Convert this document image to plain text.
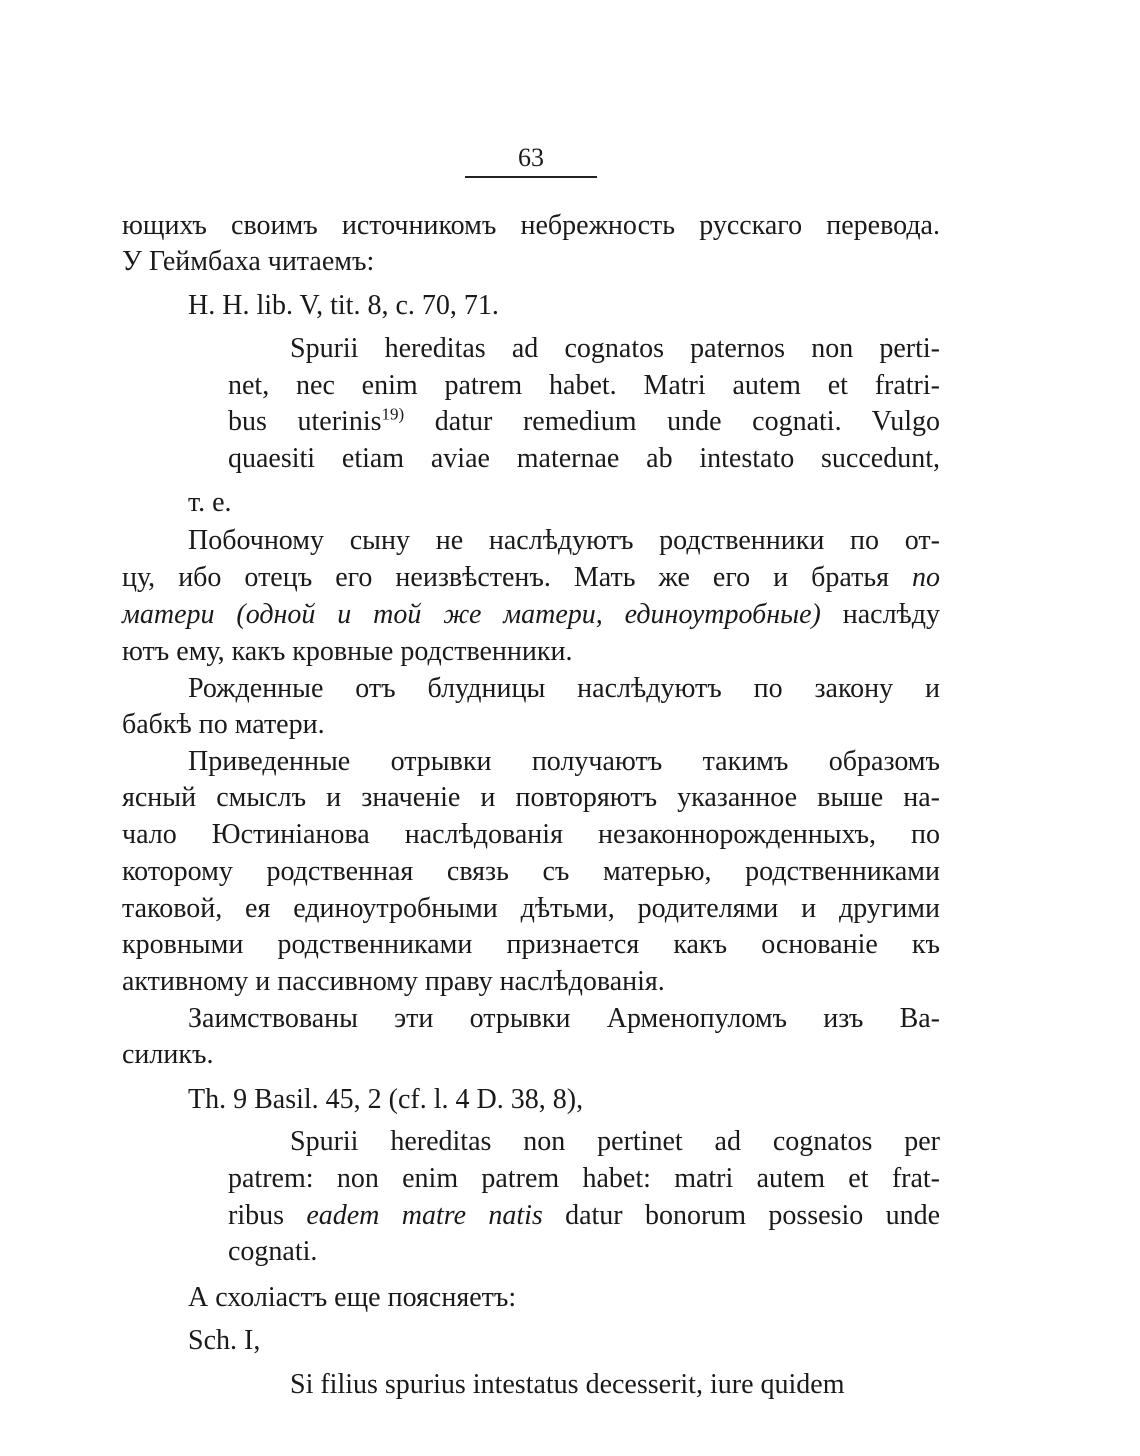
63
ющихъ своимъ источникомъ небрежность русскаго перевода.
У Геймбаха читаемъ:
H. H. lib. V, tit. 8, c. 70, 71.
Spurii hereditas ad cognatos paternos non perti-
net, nec enim patrem habet. Matri autem et fratri-
bus uterinis$^{19)}$ datur remedium unde cognati. Vulgo
quaesiti etiam aviae maternae ab intestato succedunt,
т. е.
Побочному сыну не наслѣдуютъ родственники по от-
цу, ибо отецъ его неизвѣстенъ. Мать же его и братья по
матери (одной и той же матери, единоутробные) наслѣду
ютъ ему, какъ кровные родственники.
Рожденные отъ блудницы наслѣдуютъ по закону и
бабкѣ по матери.
Приведенные отрывки получаютъ такимъ образомъ
ясный смыслъ и значеніе и повторяютъ указанное выше на-
чало Юстиніанова наслѣдованія незаконнорожденныхъ, по
которому родственная связь съ матерью, родственниками
таковой, ея единоутробными дѣтьми, родителями и другими
кровными родственниками признается какъ основаніе къ
активному и пассивному праву наслѣдованія.
Заимствованы эти отрывки Арменопуломъ изъ Ва-
силикъ.
Th. 9 Basil. 45, 2 (cf. l. 4 D. 38, 8),
Spurii hereditas non pertinet ad cognatos per
patrem: non enim patrem habet: matri autem et frat-
ribus eadem matre natis datur bonorum possesio unde
cognati.
А схоліастъ еще поясняетъ:
Sch. I,
Si filius spurius intestatus decesserit, iure quidem
